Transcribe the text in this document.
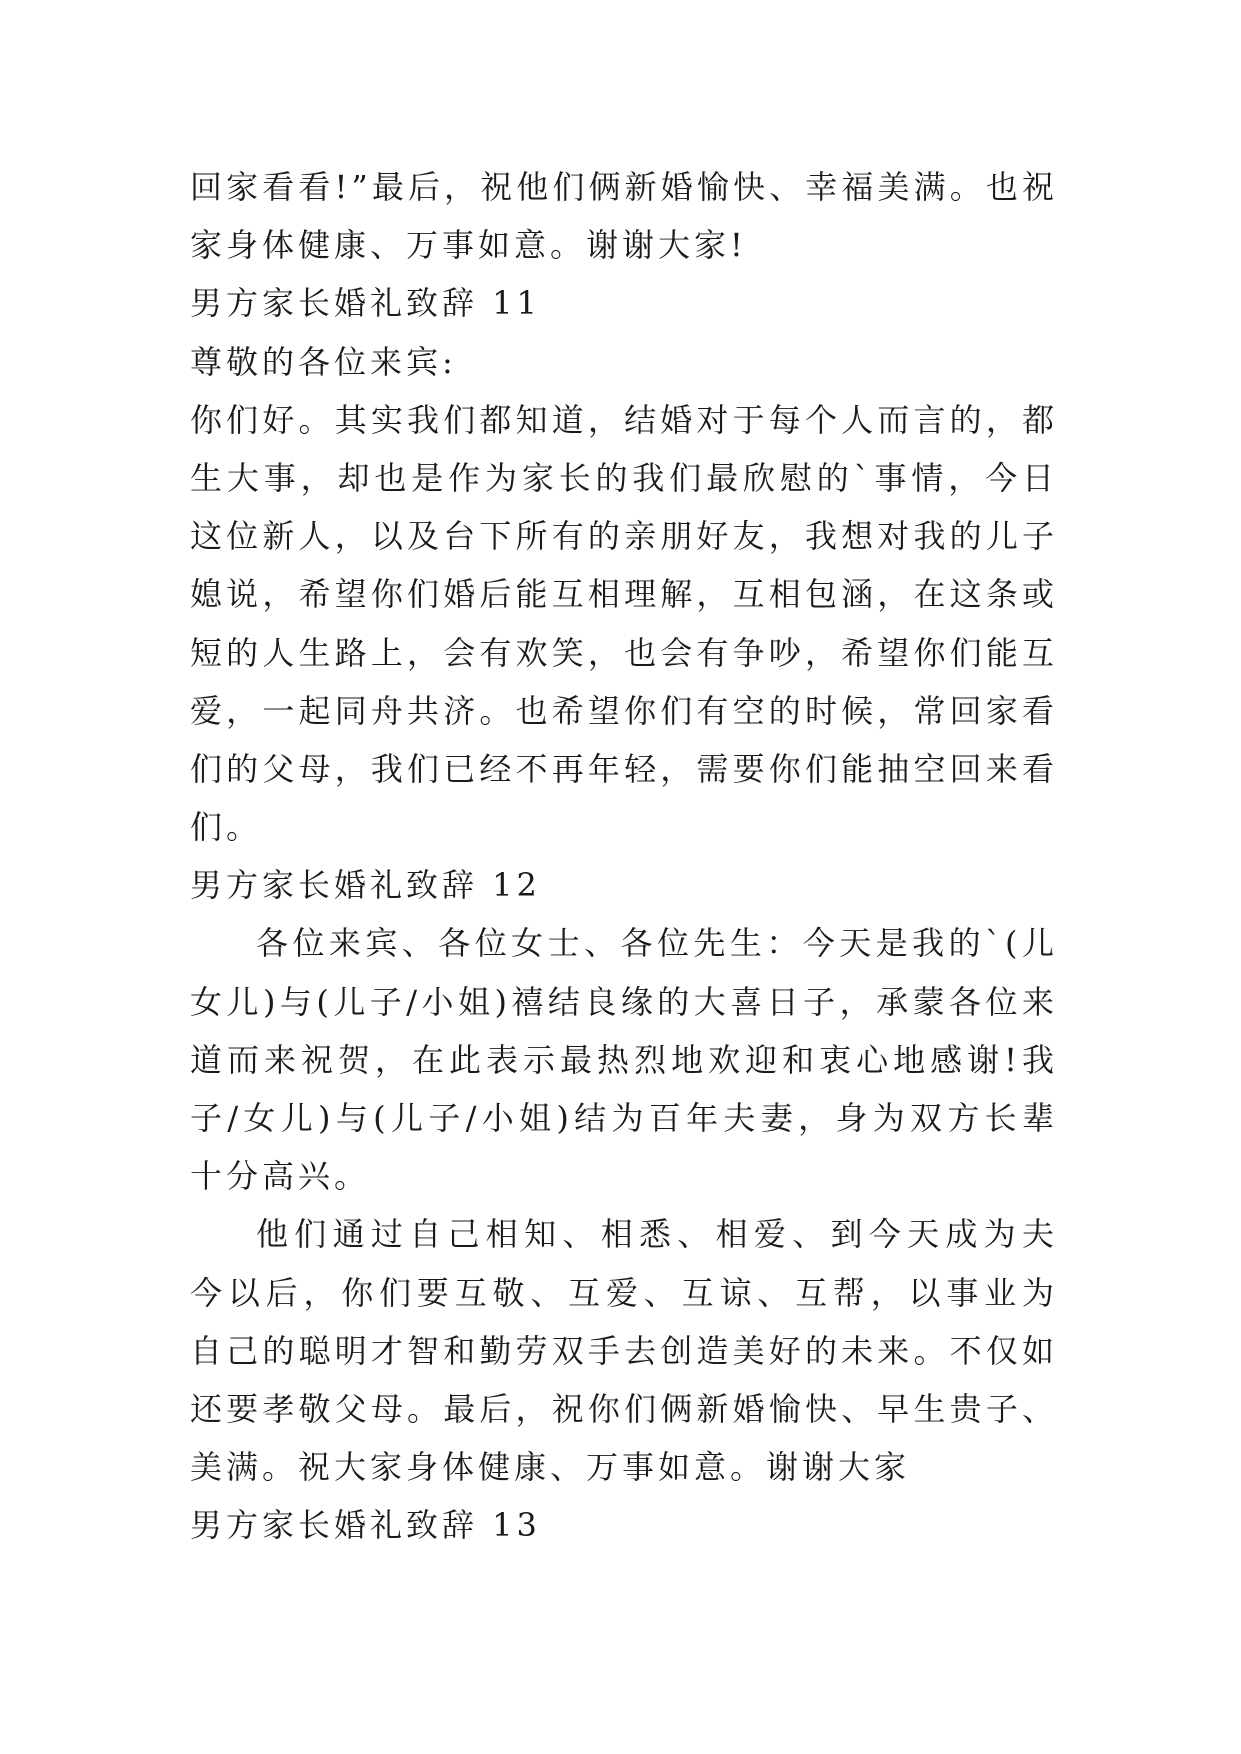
回家看看!”最后，祝他们俩新婚愉快、幸福美满。也祝
家身体健康、万事如意。谢谢大家!
男方家长婚礼致辞 11
尊敬的各位来宾:
你们好。其实我们都知道，结婚对于每个人而言的，都
生大事，却也是作为家长的我们最欣慰的`事情，今日
这位新人，以及台下所有的亲朋好友，我想对我的儿子
媳说，希望你们婚后能互相理解，互相包涵，在这条或
短的人生路上，会有欢笑，也会有争吵，希望你们能互
爱，一起同舟共济。也希望你们有空的时候，常回家看
们的父母，我们已经不再年轻，需要你们能抽空回来看
们。
男方家长婚礼致辞 12
各位来宾、各位女士、各位先生：今天是我的`(儿
女儿)与(儿子/小姐)禧结良缘的大喜日子，承蒙各位来
道而来祝贺，在此表示最热烈地欢迎和衷心地感谢!我
子/女儿)与(儿子/小姐)结为百年夫妻，身为双方长辈
十分高兴。
他们通过自己相知、相悉、相爱、到今天成为夫
今以后，你们要互敬、互爱、互谅、互帮，以事业为
自己的聪明才智和勤劳双手去创造美好的未来。不仅如
还要孝敬父母。最后，祝你们俩新婚愉快、早生贵子、
美满。祝大家身体健康、万事如意。谢谢大家
男方家长婚礼致辞 13
